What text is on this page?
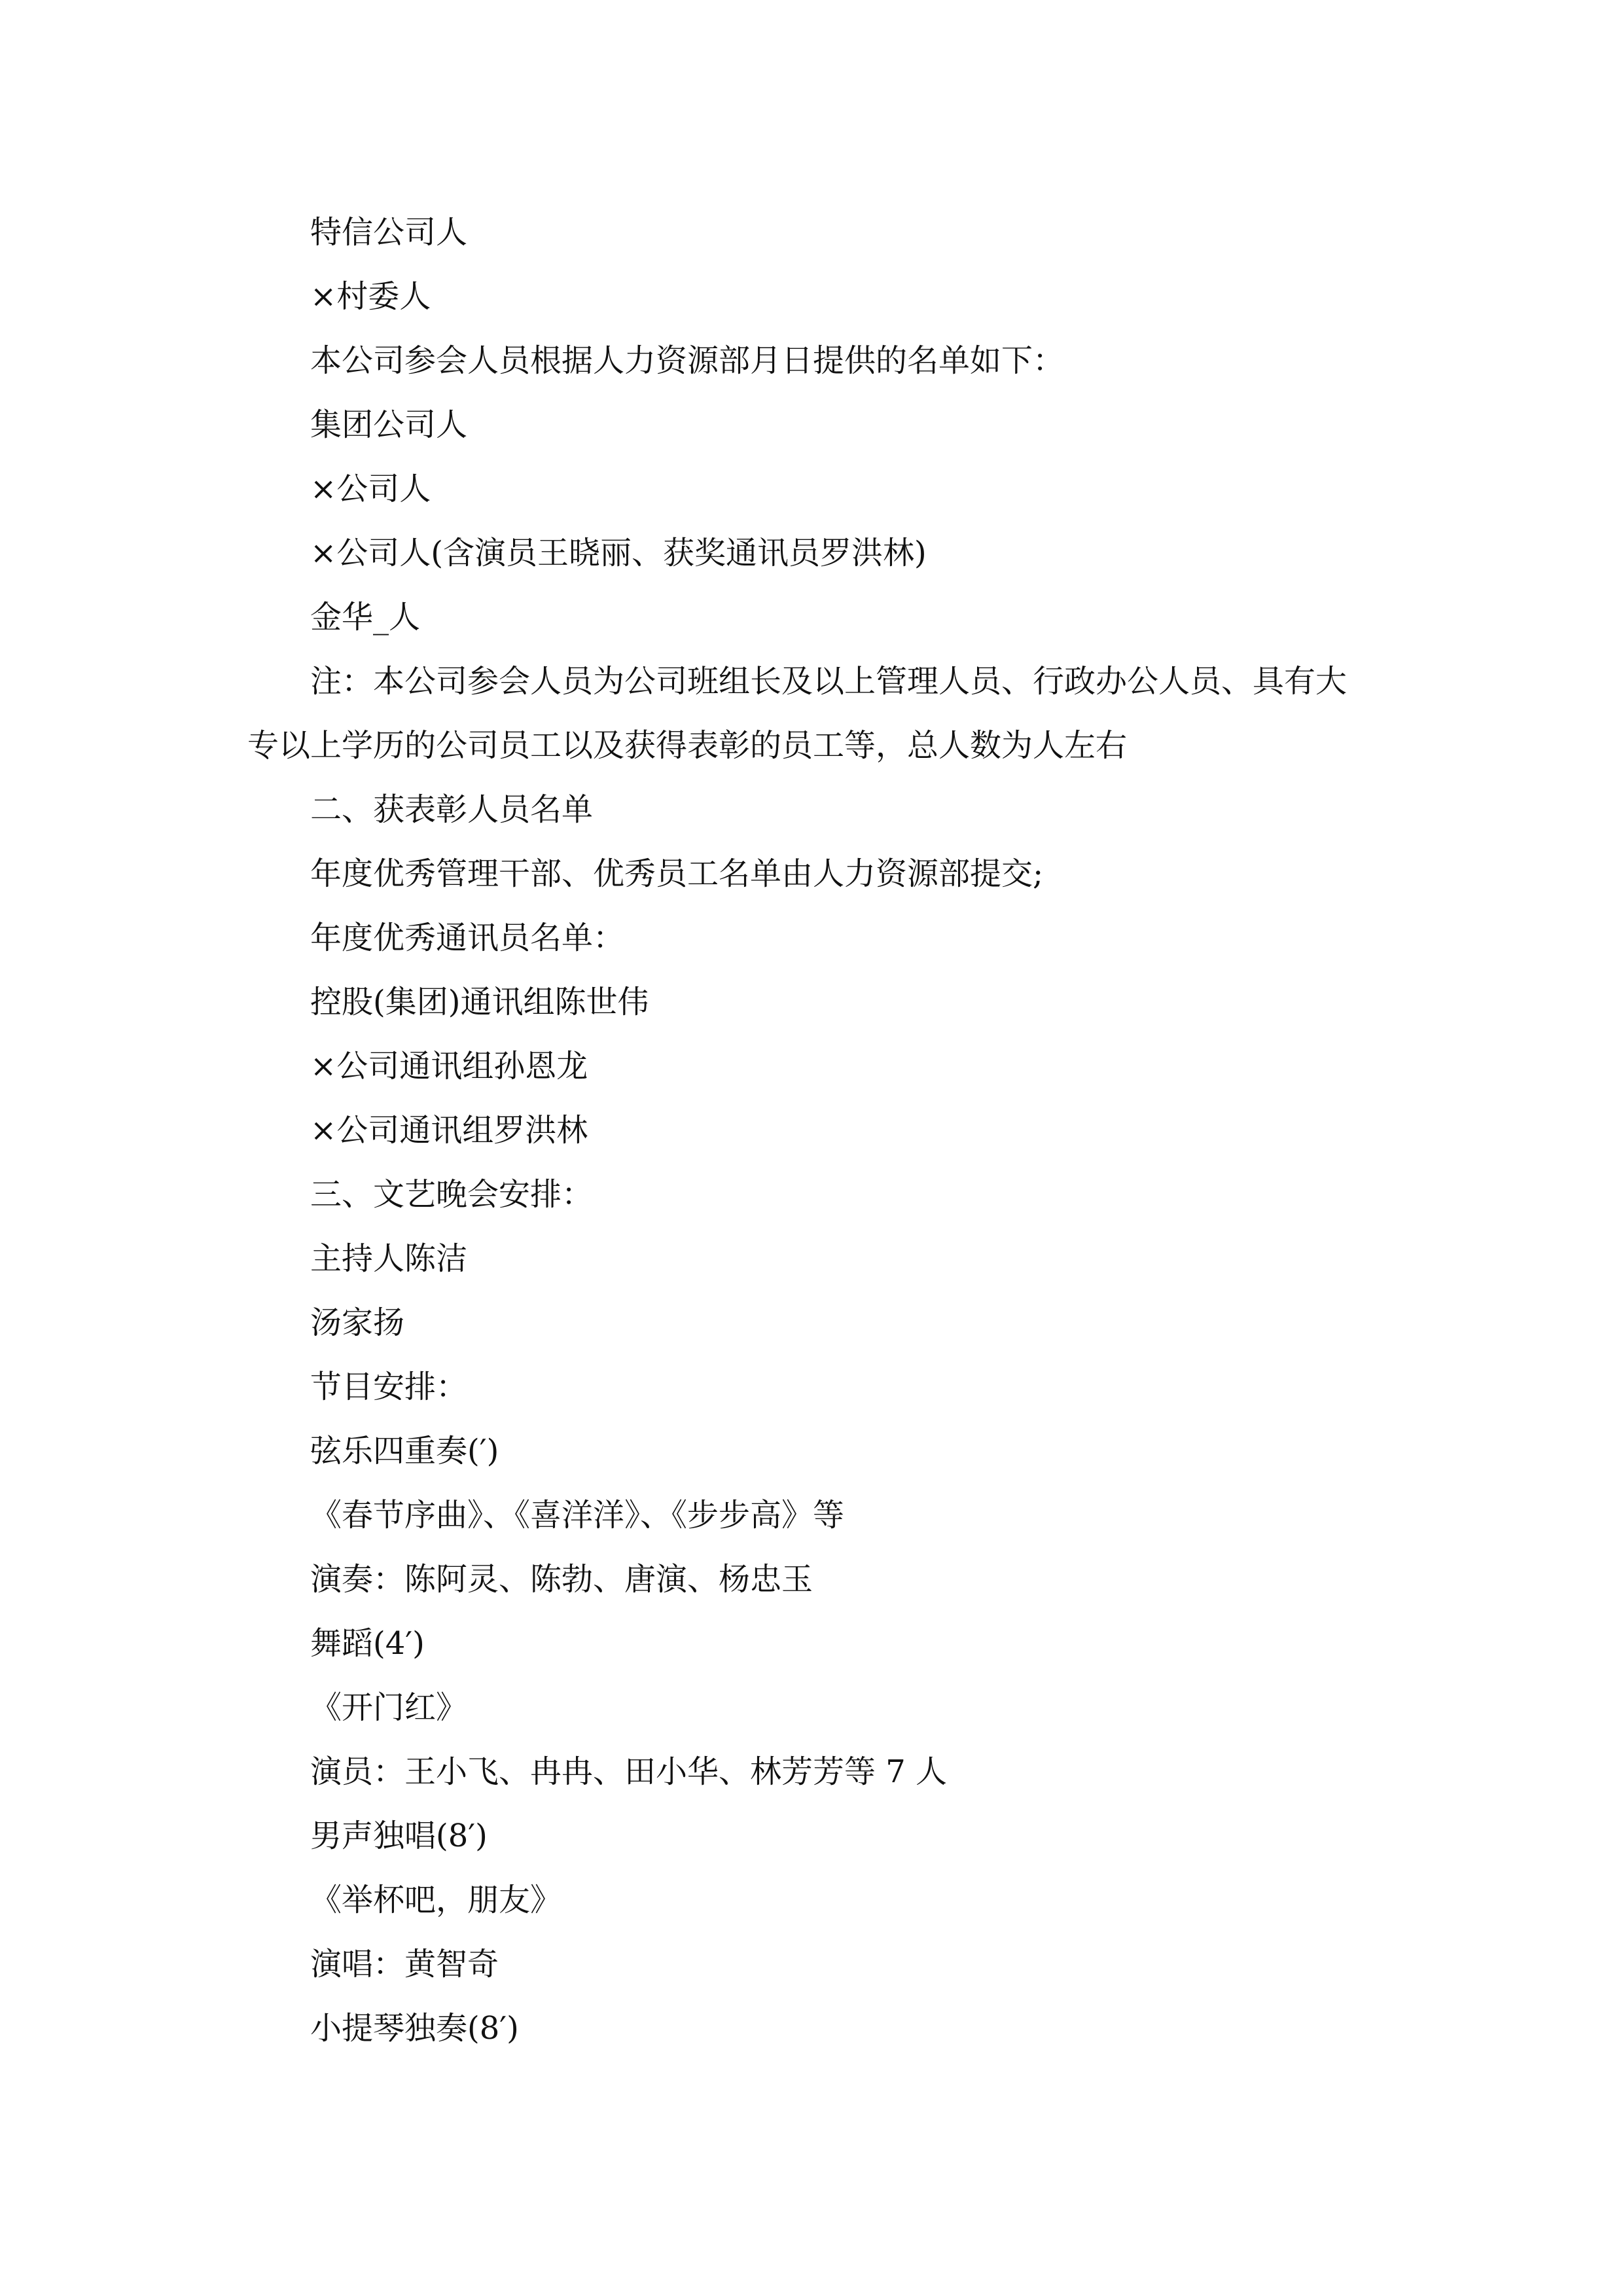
特信公司人
×村委人
本公司参会人员根据人力资源部月日提供的名单如下：
集团公司人
×公司人
×公司人(含演员王晓丽、获奖通讯员罗洪林)
金华_人
注：本公司参会人员为公司班组长及以上管理人员、行政办公人员、具有大专以上学历的公司员工以及获得表彰的员工等，总人数为人左右
二、获表彰人员名单
年度优秀管理干部、优秀员工名单由人力资源部提交;
年度优秀通讯员名单：
控股(集团)通讯组陈世伟
×公司通讯组孙恩龙
×公司通讯组罗洪林
三、文艺晚会安排：
主持人陈洁
汤家扬
节目安排：
弦乐四重奏(′)
《春节序曲》、《喜洋洋》、《步步高》等
演奏：陈阿灵、陈勃、唐演、杨忠玉
舞蹈(4′)
《开门红》
演员：王小飞、冉冉、田小华、林芳芳等 7 人
男声独唱(8′)
《举杯吧，朋友》
演唱：黄智奇
小提琴独奏(8′)
